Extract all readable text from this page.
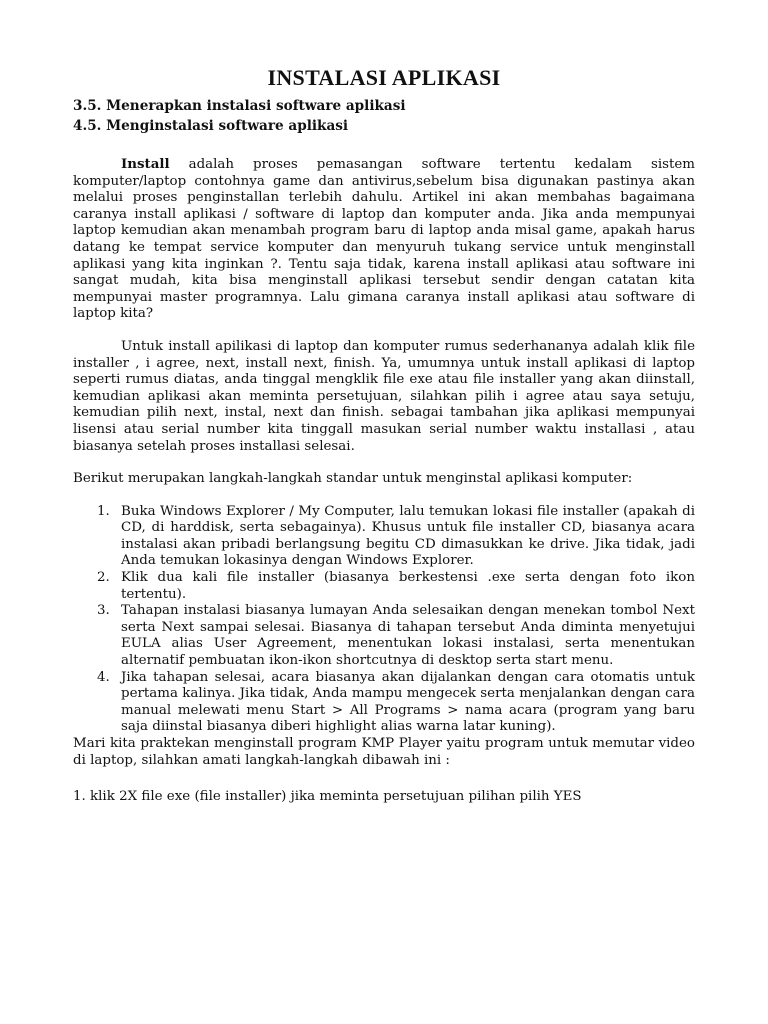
INSTALASI APLIKASI

3.5. Menerapkan instalasi software aplikasi

4.5. Menginstalasi software aplikasi

Install adalah proses pemasangan software tertentu kedalam sistem komputer/laptop contohnya game dan antivirus,sebelum bisa digunakan pastinya akan melalui proses penginstallan terlebih dahulu. Artikel ini akan membahas bagaimana caranya install aplikasi / software di laptop dan komputer anda. Jika anda mempunyai laptop kemudian akan menambah program baru di laptop anda misal game, apakah harus datang ke tempat service komputer dan menyuruh tukang service untuk menginstall aplikasi yang kita inginkan ?. Tentu saja tidak, karena install aplikasi atau software ini sangat mudah, kita bisa menginstall aplikasi tersebut sendir dengan catatan kita mempunyai master programnya. Lalu gimana caranya install aplikasi atau software di laptop kita?

Untuk install apilikasi di laptop dan komputer rumus sederhananya adalah klik file installer , i agree, next, install next, finish. Ya, umumnya untuk install aplikasi di laptop seperti rumus diatas, anda tinggal mengklik file exe atau file installer yang akan diinstall, kemudian aplikasi akan meminta persetujuan, silahkan pilih i agree atau saya setuju, kemudian pilih next, instal, next dan finish. sebagai tambahan jika aplikasi mempunyai lisensi atau serial number kita tinggall masukan serial number waktu installasi , atau biasanya setelah proses installasi selesai.

Berikut merupakan langkah-langkah standar untuk menginstal aplikasi komputer:

1. Buka Windows Explorer / My Computer, lalu temukan lokasi file installer (apakah di CD, di harddisk, serta sebagainya). Khusus untuk file installer CD, biasanya acara instalasi akan pribadi berlangsung begitu CD dimasukkan ke drive. Jika tidak, jadi Anda temukan lokasinya dengan Windows Explorer.
2. Klik dua kali file installer (biasanya berkestensi .exe serta dengan foto ikon tertentu).
3. Tahapan instalasi biasanya lumayan Anda selesaikan dengan menekan tombol Next serta Next sampai selesai. Biasanya di tahapan tersebut Anda diminta menyetujui EULA alias User Agreement, menentukan lokasi instalasi, serta menentukan alternatif pembuatan ikon-ikon shortcutnya di desktop serta start menu.
4. Jika tahapan selesai, acara biasanya akan dijalankan dengan cara otomatis untuk pertama kalinya. Jika tidak, Anda mampu mengecek serta menjalankan dengan cara manual melewati menu Start > All Programs > nama acara (program yang baru saja diinstal biasanya diberi highlight alias warna latar kuning).

Mari kita praktekan menginstall program KMP Player yaitu program untuk memutar video di laptop, silahkan amati langkah-langkah dibawah ini :

1. klik 2X file exe (file installer) jika meminta persetujuan pilihan pilih YES
